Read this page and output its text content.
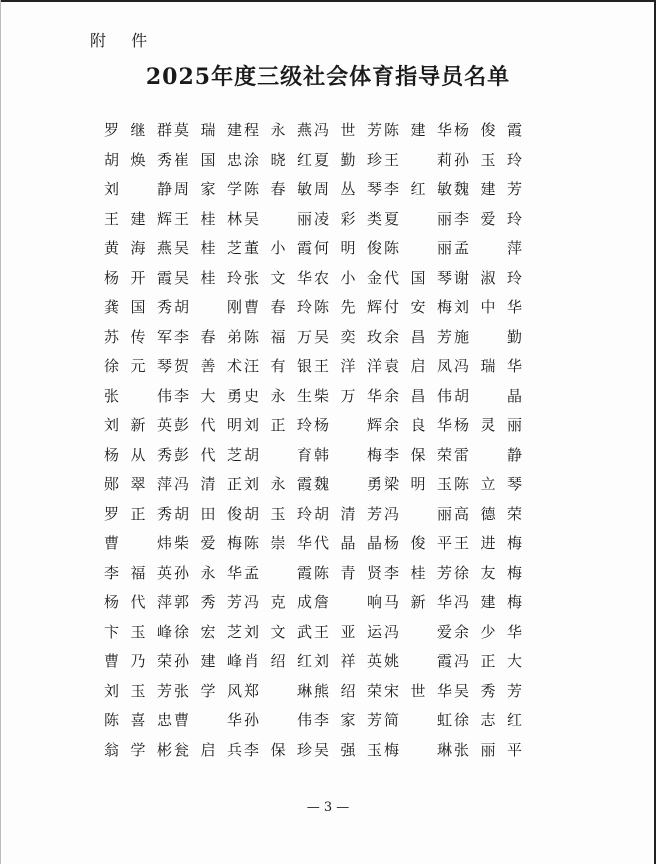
附 件
2025年度三级社会体育指导员名单
罗 继 群 莫 瑞 建 程 永 燕 冯 世 芳 陈 建 华 杨 俊 霞
胡 焕 秀 崔 国 忠 涂 晓 红 夏 勤 珍 王	莉 孙 玉 玲
刘	静 周 家 学 陈 春 敏 周 丛 琴 李 红 敏 魏 建 芳
王 建 辉 王 桂 林 吴	丽 凌 彩 类 夏	丽 李 爱 玲
黄 海 燕 吴 桂 芝 董 小 霞 何 明 俊 陈	丽 孟	萍
杨 开 霞 吴 桂 玲 张 文 华 农 小 金 代 国 琴 谢 淑 玲
龚 国 秀 胡	刚 曹 春 玲 陈 先 辉 付 安 梅 刘 中 华
苏 传 军 李 春 弟 陈 福 万 吴 奕 玫 余 昌 芳 施	勤
徐 元 琴 贺 善 术 汪 有 银 王 洋 洋 袁 启 凤 冯 瑞 华
张	伟 李 大 勇 史 永 生 柴 万 华 余 昌 伟 胡	晶
刘 新 英 彭 代 明 刘 正 玲 杨	辉 余 良 华 杨 灵 丽
杨 从 秀 彭 代 芝 胡	育 韩	梅 李 保 荣 雷	静
郧 翠 萍 冯 清 正 刘 永 霞 魏	勇 梁 明 玉 陈 立 琴
罗 正 秀 胡 田 俊 胡 玉 玲 胡 清 芳 冯	丽 高 德 荣
曹	炜 柴 爱 梅 陈 崇 华 代 晶 晶 杨 俊 平 王 进 梅
李 福 英 孙 永 华 孟	霞 陈 青 贤 李 桂 芳 徐 友 梅
杨 代 萍 郭 秀 芳 冯 克 成 詹	响 马 新 华 冯 建 梅
卞 玉 峰 徐 宏 芝 刘 文 武 王 亚 运 冯	爱 余 少 华
曹 乃 荣 孙 建 峰 肖 绍 红 刘 祥 英 姚	霞 冯 正 大
刘 玉 芳 张 学 风 郑	琳 熊 绍 荣 宋 世 华 吴 秀 芳
陈 喜 忠 曹	华 孙	伟 李 家 芳 简	虹 徐 志 红
翁 学 彬 瓮 启 兵 李 保 珍 吴 强 玉 梅	琳 张 丽 平
— 3 —
